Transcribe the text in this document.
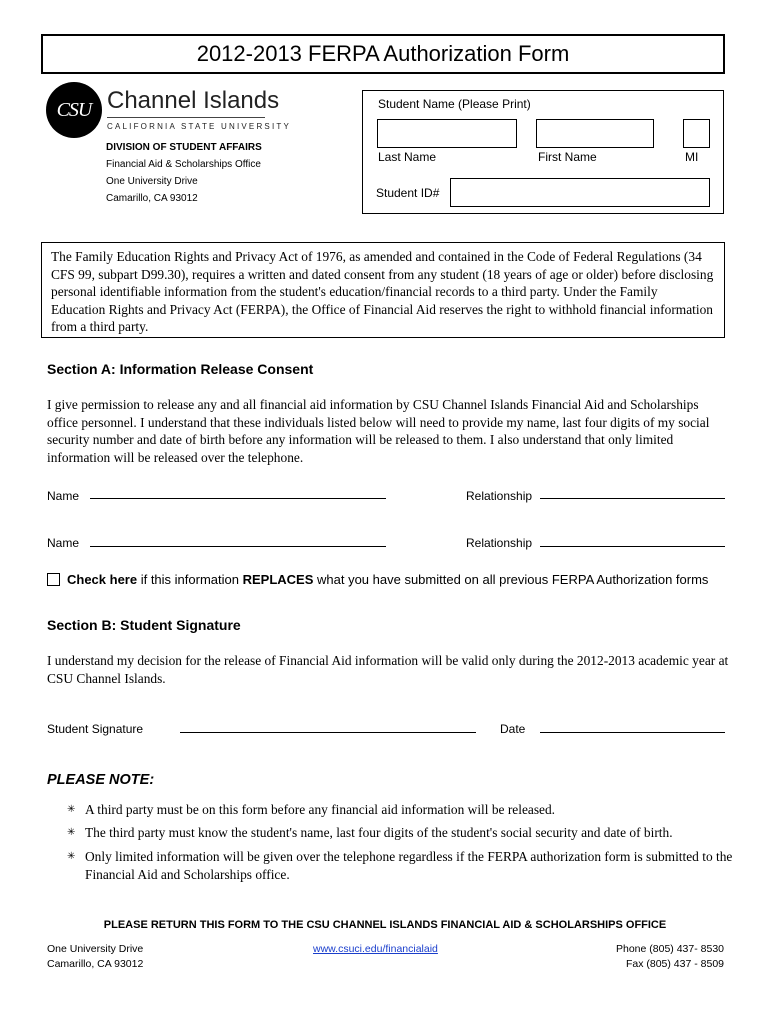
2012-2013 FERPA Authorization Form
CSU Channel Islands
CALIFORNIA STATE UNIVERSITY
DIVISION OF STUDENT AFFAIRS
Financial Aid & Scholarships Office
One University Drive
Camarillo, CA 93012
Student Name (Please Print)
Last Name	First Name	MI
Student ID#
The Family Education Rights and Privacy Act of 1976, as amended and contained in the Code of Federal Regulations (34 CFS 99, subpart D99.30), requires a written and dated consent from any student (18 years of age or older) before disclosing personal identifiable information from the student's education/financial records to a third party. Under the Family Education Rights and Privacy Act (FERPA), the Office of Financial Aid reserves the right to withhold financial information from a third party.
Section A: Information Release Consent
I give permission to release any and all financial aid information by CSU Channel Islands Financial Aid and Scholarships office personnel. I understand that these individuals listed below will need to provide my name, last four digits of my social security number and date of birth before any information will be released to them. I also understand that only limited information will be released over the telephone.
Name	Relationship
Name	Relationship
Check here if this information REPLACES what you have submitted on all previous FERPA Authorization forms
Section B: Student Signature
I understand my decision for the release of Financial Aid information will be valid only during the 2012-2013 academic year at CSU Channel Islands.
Student Signature	Date
PLEASE NOTE:
✳ A third party must be on this form before any financial aid information will be released.
✳ The third party must know the student's name, last four digits of the student's social security and date of birth.
✳ Only limited information will be given over the telephone regardless if the FERPA authorization form is submitted to the Financial Aid and Scholarships office.
PLEASE RETURN THIS FORM TO THE CSU CHANNEL ISLANDS FINANCIAL AID & SCHOLARSHIPS OFFICE
One University Drive
Camarillo, CA 93012
www.csuci.edu/financialaid	Phone (805) 437- 8530
Fax (805) 437 - 8509
